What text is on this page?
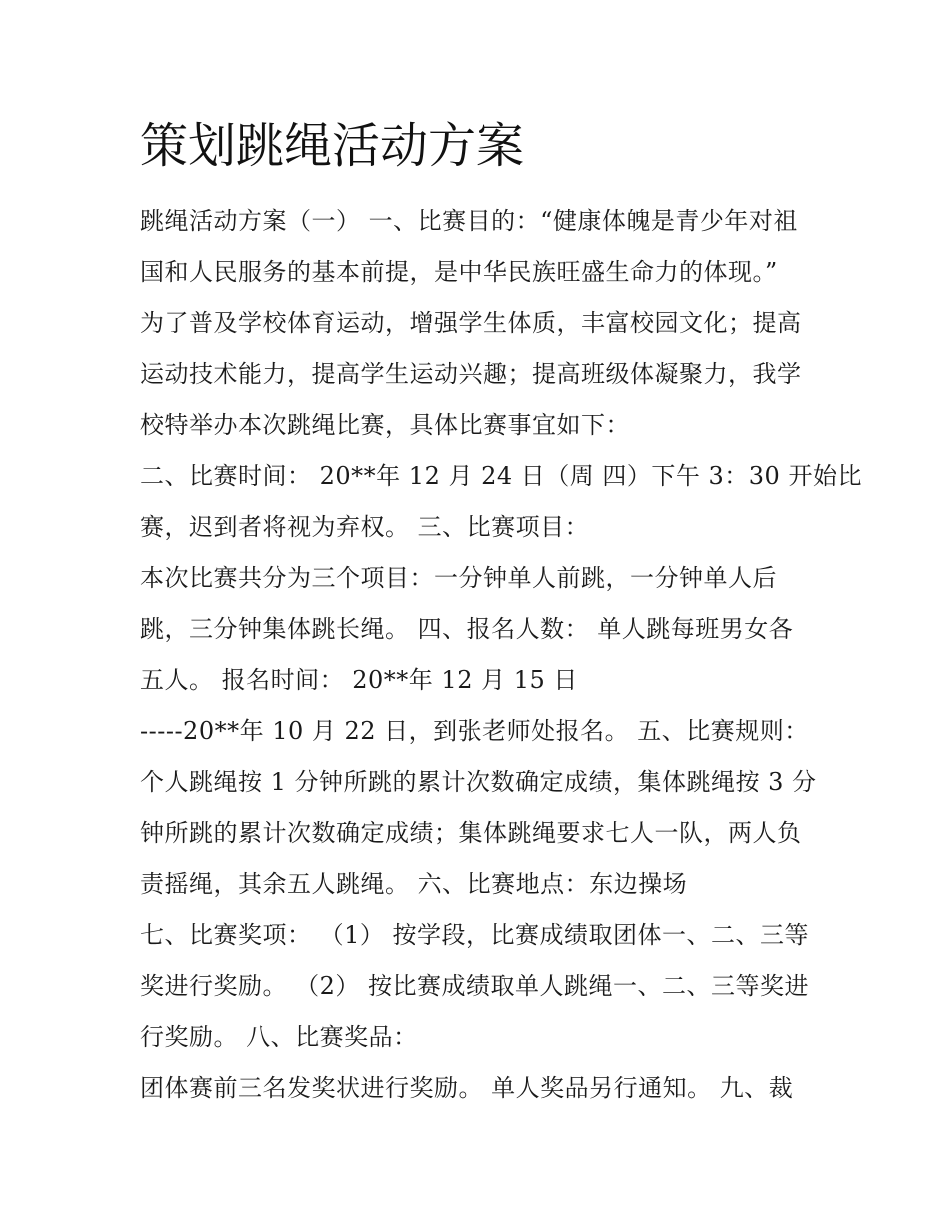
策划跳绳活动方案

跳绳活动方案（一） 一、比赛目的：“健康体魄是青少年对祖

国和人民服务的基本前提，是中华民族旺盛生命力的体现。”

为了普及学校体育运动，增强学生体质，丰富校园文化；提高

运动技术能力，提高学生运动兴趣；提高班级体凝聚力，我学

校特举办本次跳绳比赛，具体比赛事宜如下：

二、比赛时间： 20**年 12 月 24 日（周 四）下午 3：30 开始比

赛，迟到者将视为弃权。 三、比赛项目：

本次比赛共分为三个项目：一分钟单人前跳，一分钟单人后

跳，三分钟集体跳长绳。 四、报名人数： 单人跳每班男女各

五人。 报名时间： 20**年 12 月 15 日

-----20**年 10 月 22 日，到张老师处报名。 五、比赛规则：

个人跳绳按 1 分钟所跳的累计次数确定成绩，集体跳绳按 3 分

钟所跳的累计次数确定成绩；集体跳绳要求七人一队，两人负

责摇绳，其余五人跳绳。 六、比赛地点：东边操场

七、比赛奖项： （1） 按学段，比赛成绩取团体一、二、三等

奖进行奖励。 （2） 按比赛成绩取单人跳绳一、二、三等奖进

行奖励。 八、比赛奖品：

团体赛前三名发奖状进行奖励。 单人奖品另行通知。 九、裁
